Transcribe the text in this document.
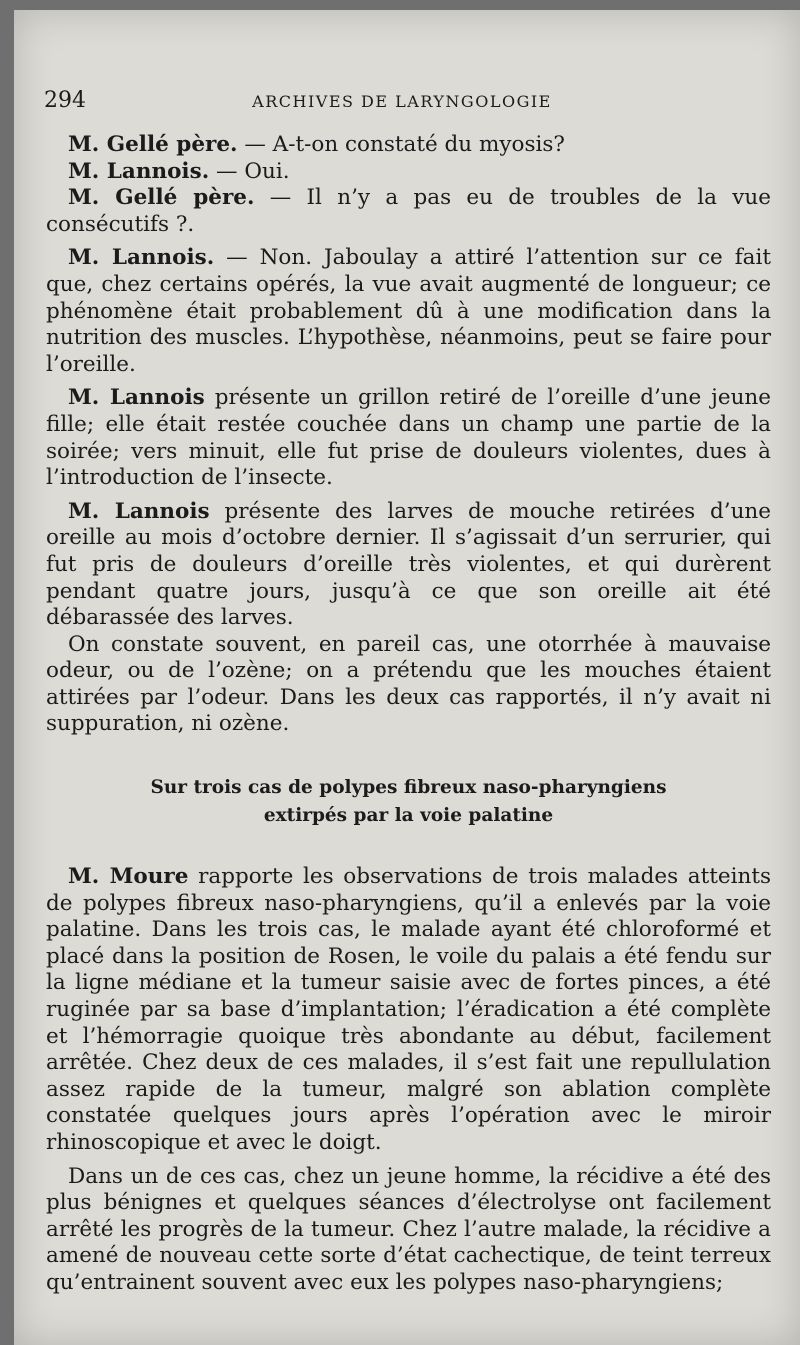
294	ARCHIVES DE LARYNGOLOGIE

M. Gellé père. — A-t-on constaté du myosis?

M. Lannois. — Oui.

M. Gellé père. — Il n’y a pas eu de troubles de la vue consécutifs ?.

M. Lannois. — Non. Jaboulay a attiré l’attention sur ce fait que, chez certains opérés, la vue avait augmenté de longueur; ce phénomène était probablement dû à une modification dans la nutrition des muscles. L’hypothèse, néanmoins, peut se faire pour l’oreille.

M. Lannois présente un grillon retiré de l’oreille d’une jeune fille; elle était restée couchée dans un champ une partie de la soirée; vers minuit, elle fut prise de douleurs violentes, dues à l’introduction de l’insecte.

M. Lannois présente des larves de mouche retirées d’une oreille au mois d’octobre dernier. Il s’agissait d’un serrurier, qui fut pris de douleurs d’oreille très violentes, et qui durèrent pendant quatre jours, jusqu’à ce que son oreille ait été débarassée des larves.

On constate souvent, en pareil cas, une otorrhée à mauvaise odeur, ou de l’ozène; on a prétendu que les mouches étaient attirées par l’odeur. Dans les deux cas rapportés, il n’y avait ni suppuration, ni ozène.

Sur trois cas de polypes fibreux naso-pharyngiens
extirpés par la voie palatine

M. Moure rapporte les observations de trois malades atteints de polypes fibreux naso-pharyngiens, qu’il a enlevés par la voie palatine. Dans les trois cas, le malade ayant été chloroformé et placé dans la position de Rosen, le voile du palais a été fendu sur la ligne médiane et la tumeur saisie avec de fortes pinces, a été ruginée par sa base d’implantation; l’éradication a été complète et l’hémorragie quoique très abondante au début, facilement arrêtée. Chez deux de ces malades, il s’est fait une repullulation assez rapide de la tumeur, malgré son ablation complète constatée quelques jours après l’opération avec le miroir rhinoscopique et avec le doigt.

Dans un de ces cas, chez un jeune homme, la récidive a été des plus bénignes et quelques séances d’électrolyse ont facilement arrêté les progrès de la tumeur. Chez l’autre malade, la récidive a amené de nouveau cette sorte d’état cachectique, de teint terreux qu’entrainent souvent avec eux les polypes naso-pharyngiens;
